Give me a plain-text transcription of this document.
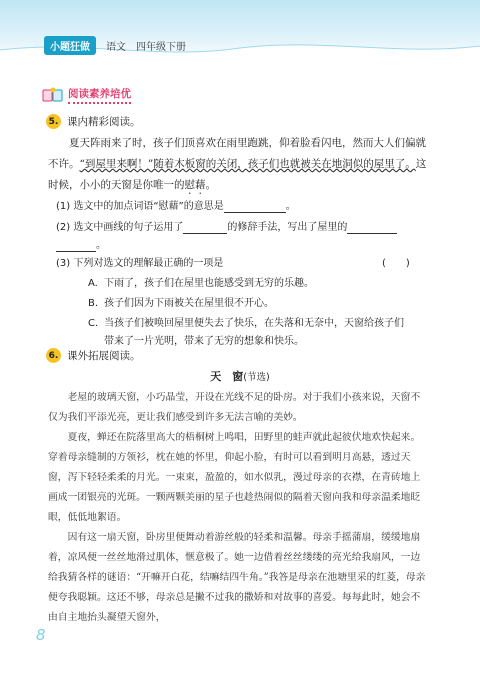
小题狂做	语文 四年级下册
阅读素养培优
5. 课内精彩阅读。

夏天阵雨来了时，孩子们顶喜欢在雨里跑跳，仰着脸看闪电，然而大人们偏就不许。“到屋里来啊！”随着木板窗的关闭，孩子们也就被关在地洞似的屋里了。这时候，小小的天窗是你唯一的慰藉。

(1) 选文中的加点词语“慰藉”的意思是	。

(2) 选文中画线的句子运用了	的修辞手法，写出了屋里的

。

(3) 下列对选文的理解最正确的一项是	(　　)

A. 下雨了，孩子们在屋里也能感受到无穷的乐趣。

B. 孩子们因为下雨被关在屋里很不开心。

C. 当孩子们被唤回屋里便失去了快乐，在失落和无奈中，天窗给孩子们

带来了一片光明，带来了无穷的想象和快乐。

6. 课外拓展阅读。
天　窗(节选)

老屋的玻璃天窗，小巧晶莹，开设在光线不足的卧房。对于我们小孩来说，天窗不仅为我们平添光亮，更让我们感受到许多无法言喻的美妙。

夏夜，蝉还在院落里高大的梧桐树上鸣唱，田野里的蛙声就此起彼伏地欢快起来。穿着母亲缝制的方领衫，枕在她的怀里，仰起小脸，有时可以看到明月高悬，透过天窗，泻下轻轻柔柔的月光。一束束，盈盈的，如水似乳，漫过母亲的衣襟，在青砖地上画成一团银亮的光斑。一颗两颗美丽的星子也趁热闹似的隔着天窗向我和母亲温柔地眨眼，低低地絮语。

因有这一扇天窗，卧房里便舞动着游丝般的轻柔和温馨。母亲手摇蒲扇，缓缓地扇着，凉风便一丝丝地滑过肌体，惬意极了。她一边借着丝丝缕缕的亮光给我扇风，一边给我猜各样的谜语：“开嘛开白花，结嘛结四牛角。”我答是母亲在池塘里采的红菱，母亲便夸我聪颖。这还不够，母亲总是撇不过我的撒娇和对故事的喜爱。每每此时，她会不由自主地抬头凝望天窗外，

8
